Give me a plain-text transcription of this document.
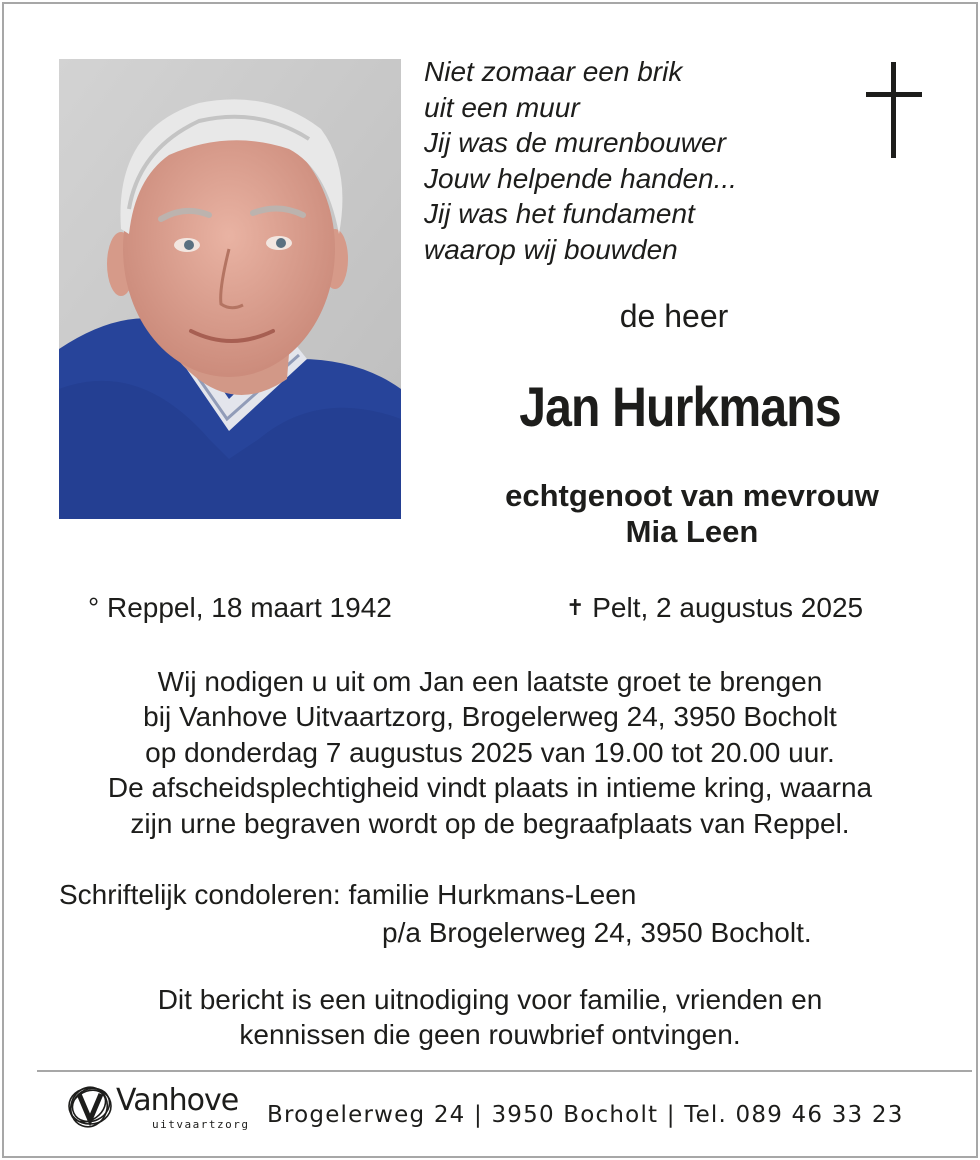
Niet zomaar een brik
uit een muur
Jij was de murenbouwer
Jouw helpende handen...
Jij was het fundament
waarop wij bouwden
de heer
Jan Hurkmans
echtgenoot van mevrouw
Mia Leen
° Reppel, 18 maart 1942	✝ Pelt, 2 augustus 2025
Wij nodigen u uit om Jan een laatste groet te brengen
bij Vanhove Uitvaartzorg, Brogelerweg 24, 3950 Bocholt
op donderdag 7 augustus 2025 van 19.00 tot 20.00 uur.
De afscheidsplechtigheid vindt plaats in intieme kring, waarna
zijn urne begraven wordt op de begraafplaats van Reppel.
Schriftelijk condoleren: familie Hurkmans-Leen
p/a Brogelerweg 24, 3950 Bocholt.
Dit bericht is een uitnodiging voor familie, vrienden en
kennissen die geen rouwbrief ontvingen.
Vanhove
uitvaartzorg Brogelerweg 24 | 3950 Bocholt | Tel. 089 46 33 23
